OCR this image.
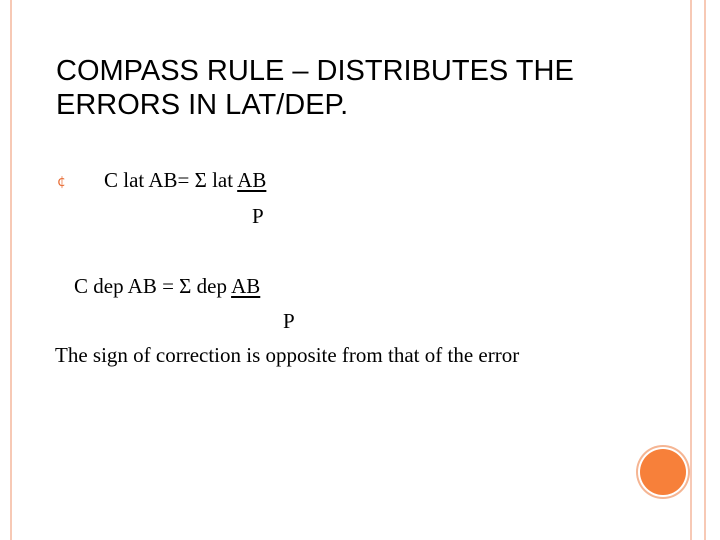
COMPASS RULE – DISTRIBUTES THE
ERRORS IN LAT/DEP.
¢ C lat AB= Σ lat AB
P
C dep AB = Σ dep AB
P
The sign of correction is opposite from that of the error
